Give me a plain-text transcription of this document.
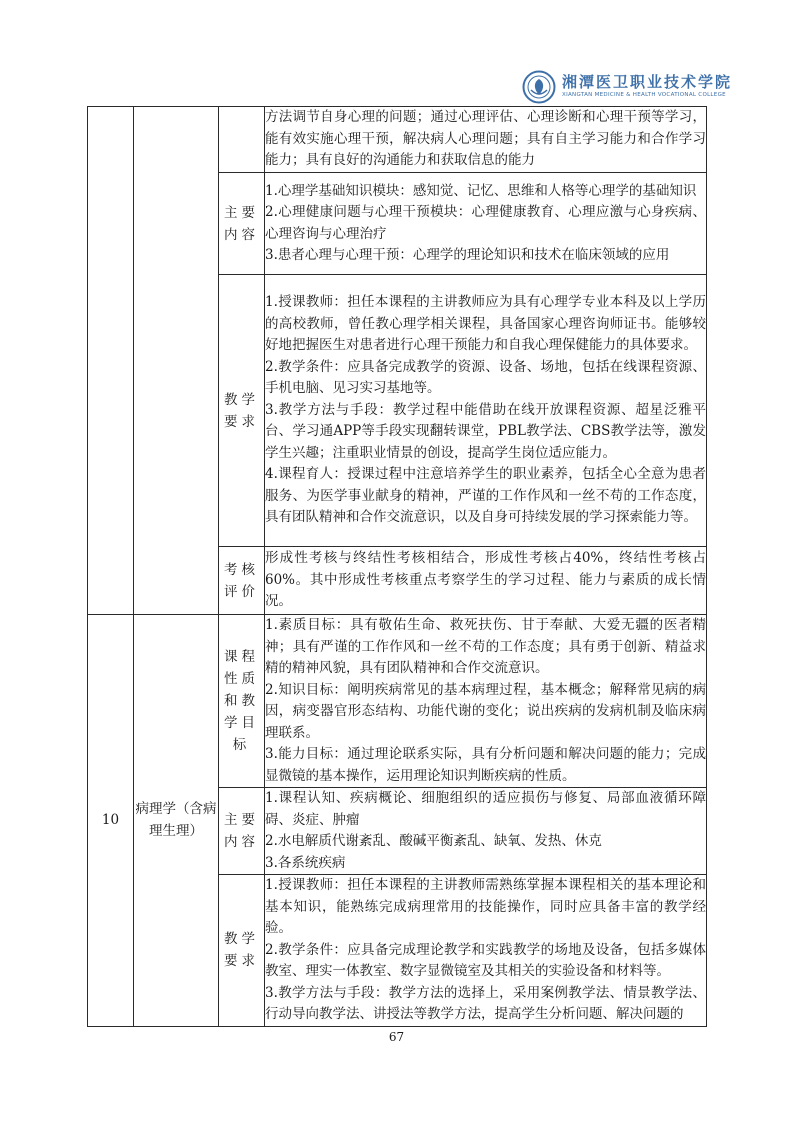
湘潭医卫职业技术学院
XIANGTAN MEDICINE & HEALTH VOCATIONAL COLLEGE

			方法调节自身心理的问题；通过心理评估、心理诊断和心理干预等学习，能有效实施心理干预，解决病人心理问题；具有自主学习能力和合作学习能力；具有良好的沟通能力和获取信息的能力

		主要内容	1.心理学基础知识模块：感知觉、记忆、思维和人格等心理学的基础知识

2.心理健康问题与心理干预模块：心理健康教育、心理应激与心身疾病、心理咨询与心理治疗

3.患者心理与心理干预：心理学的理论知识和技术在临床领域的应用

		教学要求	1.授课教师：担任本课程的主讲教师应为具有心理学专业本科及以上学历的高校教师，曾任教心理学相关课程，具备国家心理咨询师证书。能够较好地把握医生对患者进行心理干预能力和自我心理保健能力的具体要求。

2.教学条件：应具备完成教学的资源、设备、场地，包括在线课程资源、手机电脑、见习实习基地等。

3.教学方法与手段：教学过程中能借助在线开放课程资源、超星泛雅平台、学习通APP等手段实现翻转课堂，PBL教学法、CBS教学法等，激发学生兴趣；注重职业情景的创设，提高学生岗位适应能力。

4.课程育人：授课过程中注意培养学生的职业素养，包括全心全意为患者服务、为医学事业献身的精神，严谨的工作作风和一丝不苟的工作态度，具有团队精神和合作交流意识，以及自身可持续发展的学习探索能力等。

		考核评价	形成性考核与终结性考核相结合，形成性考核占40%，终结性考核占60%。其中形成性考核重点考察学生的学习过程、能力与素质的成长情况。

10	病理学（含病理生理）	课程性质和教学目标	1.素质目标：具有敬佑生命、救死扶伤、甘于奉献、大爱无疆的医者精神；具有严谨的工作作风和一丝不苟的工作态度；具有勇于创新、精益求精的精神风貌，具有团队精神和合作交流意识。

2.知识目标：阐明疾病常见的基本病理过程，基本概念；解释常见病的病因，病变器官形态结构、功能代谢的变化；说出疾病的发病机制及临床病理联系。

3.能力目标：通过理论联系实际，具有分析问题和解决问题的能力；完成显微镜的基本操作，运用理论知识判断疾病的性质。

		主要内容	1.课程认知、疾病概论、细胞组织的适应损伤与修复、局部血液循环障碍、炎症、肿瘤

2.水电解质代谢紊乱、酸碱平衡紊乱、缺氧、发热、休克

3.各系统疾病

		教学要求	1.授课教师：担任本课程的主讲教师需熟练掌握本课程相关的基本理论和基本知识，能熟练完成病理常用的技能操作，同时应具备丰富的教学经验。

2.教学条件：应具备完成理论教学和实践教学的场地及设备，包括多媒体教室、理实一体教室、数字显微镜室及其相关的实验设备和材料等。

3.教学方法与手段：教学方法的选择上，采用案例教学法、情景教学法、行动导向教学法、讲授法等教学方法，提高学生分析问题、解决问题的

67
